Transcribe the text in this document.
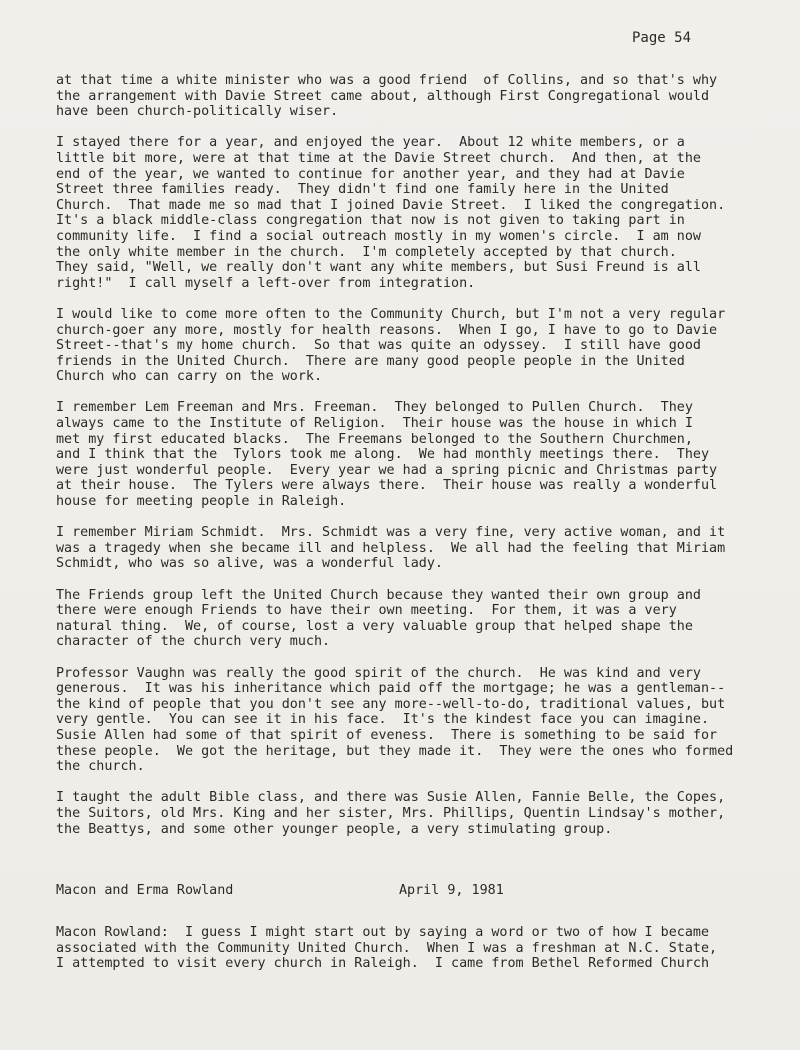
Page 54

at that time a white minister who was a good friend  of Collins, and so that's why
the arrangement with Davie Street came about, although First Congregational would
have been church-politically wiser.

I stayed there for a year, and enjoyed the year.  About 12 white members, or a
little bit more, were at that time at the Davie Street church.  And then, at the
end of the year, we wanted to continue for another year, and they had at Davie
Street three families ready.  They didn't find one family here in the United
Church.  That made me so mad that I joined Davie Street.  I liked the congregation.
It's a black middle-class congregation that now is not given to taking part in
community life.  I find a social outreach mostly in my women's circle.  I am now
the only white member in the church.  I'm completely accepted by that church.
They said, "Well, we really don't want any white members, but Susi Freund is all
right!"  I call myself a left-over from integration.

I would like to come more often to the Community Church, but I'm not a very regular
church-goer any more, mostly for health reasons.  When I go, I have to go to Davie
Street--that's my home church.  So that was quite an odyssey.  I still have good
friends in the United Church.  There are many good people people in the United
Church who can carry on the work.

I remember Lem Freeman and Mrs. Freeman.  They belonged to Pullen Church.  They
always came to the Institute of Religion.  Their house was the house in which I
met my first educated blacks.  The Freemans belonged to the Southern Churchmen,
and I think that the  Tylors took me along.  We had monthly meetings there.  They
were just wonderful people.  Every year we had a spring picnic and Christmas party
at their house.  The Tylers were always there.  Their house was really a wonderful
house for meeting people in Raleigh.

I remember Miriam Schmidt.  Mrs. Schmidt was a very fine, very active woman, and it
was a tragedy when she became ill and helpless.  We all had the feeling that Miriam
Schmidt, who was so alive, was a wonderful lady.

The Friends group left the United Church because they wanted their own group and
there were enough Friends to have their own meeting.  For them, it was a very
natural thing.  We, of course, lost a very valuable group that helped shape the
character of the church very much.

Professor Vaughn was really the good spirit of the church.  He was kind and very
generous.  It was his inheritance which paid off the mortgage; he was a gentleman--
the kind of people that you don't see any more--well-to-do, traditional values, but
very gentle.  You can see it in his face.  It's the kindest face you can imagine.
Susie Allen had some of that spirit of eveness.  There is something to be said for
these people.  We got the heritage, but they made it.  They were the ones who formed
the church.

I taught the adult Bible class, and there was Susie Allen, Fannie Belle, the Copes,
the Suitors, old Mrs. King and her sister, Mrs. Phillips, Quentin Lindsay's mother,
the Beattys, and some other younger people, a very stimulating group.

Macon and Erma Rowland	April 9, 1981

Macon Rowland:  I guess I might start out by saying a word or two of how I became
associated with the Community United Church.  When I was a freshman at N.C. State,
I attempted to visit every church in Raleigh.  I came from Bethel Reformed Church
